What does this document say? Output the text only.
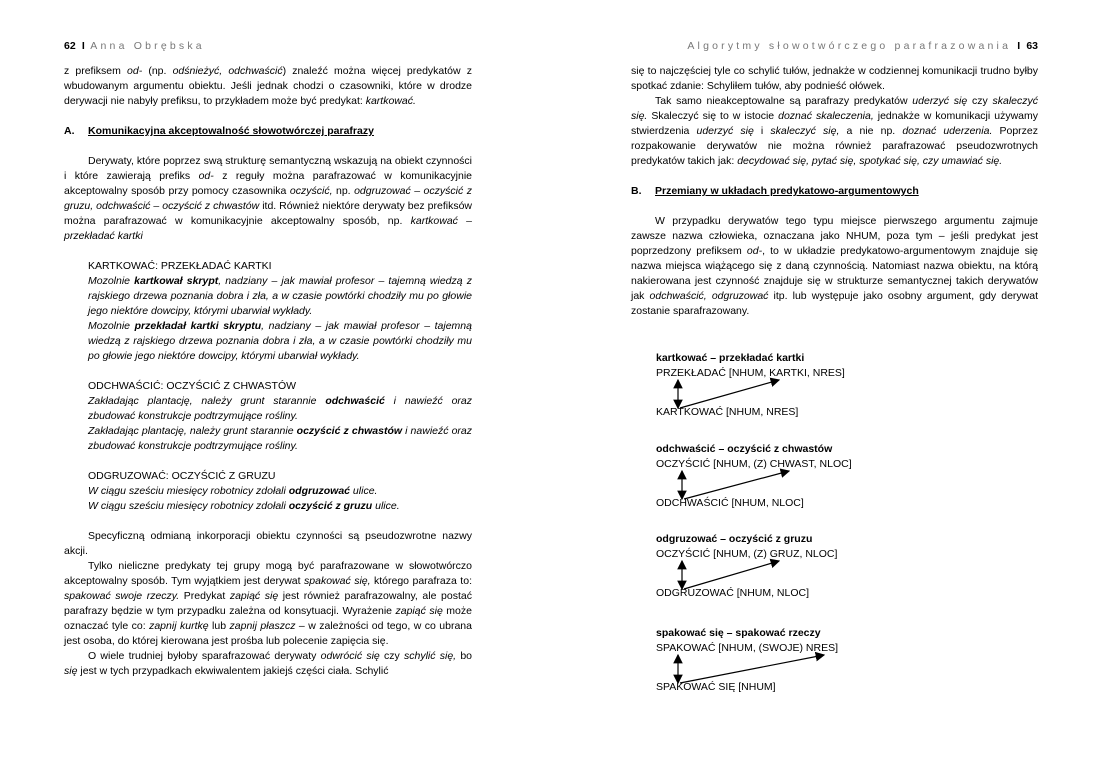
62 I Anna Obrębska

z prefiksem od- (np. odśnieżyć, odchwaścić) znaleźć można więcej predykatów z wbudowanym argumentu obiektu. Jeśli jednak chodzi o czasowniki, które w drodze derywacji nie nabyły prefiksu, to przykładem może być predykat: kartkować.

A.	Komunikacyjna akceptowalność słowotwórczej parafrazy

Derywaty, które poprzez swą strukturę semantyczną wskazują na obiekt czynności i które zawierają prefiks od- z reguły można parafrazować w komunikacyjnie akceptowalny sposób przy pomocy czasownika oczyścić, np. odgruzować – oczyścić z gruzu, odchwaścić – oczyścić z chwastów itd. Również niektóre derywaty bez prefiksów można parafrazować w komunikacyjnie akceptowalny sposób, np. kartkować – przekładać kartki

KARTKOWAĆ: PRZEKŁADAĆ KARTKI

Mozolnie kartkował skrypt, nadziany – jak mawiał profesor – tajemną wiedzą z rajskiego drzewa poznania dobra i zła, a w czasie powtórki chodziły mu po głowie jego niektóre dowcipy, którymi ubarwiał wykłady.

Mozolnie przekładał kartki skryptu, nadziany – jak mawiał profesor – tajemną wiedzą z rajskiego drzewa poznania dobra i zła, a w czasie powtórki chodziły mu po głowie jego niektóre dowcipy, którymi ubarwiał wykłady.

ODCHWAŚCIĆ: OCZYŚCIĆ Z CHWASTÓW

Zakładając plantację, należy grunt starannie odchwaścić i nawieźć oraz zbudować konstrukcje podtrzymujące rośliny.

Zakładając plantację, należy grunt starannie oczyścić z chwastów i nawieźć oraz zbudować konstrukcje podtrzymujące rośliny.

ODGRUZOWAĆ: OCZYŚCIĆ Z GRUZU

W ciągu sześciu miesięcy robotnicy zdołali odgruzować ulice.

W ciągu sześciu miesięcy robotnicy zdołali oczyścić z gruzu ulice.

Specyficzną odmianą inkorporacji obiektu czynności są pseudozwrotne nazwy akcji.

Tylko nieliczne predykaty tej grupy mogą być parafrazowane w słowotwórczo akceptowalny sposób. Tym wyjątkiem jest derywat spakować się, którego parafraza to: spakować swoje rzeczy. Predykat zapiąć się jest również parafrazowalny, ale postać parafrazy będzie w tym przypadku zależna od konsytuacji. Wyrażenie zapiąć się może oznaczać tyle co: zapnij kurtkę lub zapnij płaszcz – w zależności od tego, w co ubrana jest osoba, do której kierowana jest prośba lub polecenie zapięcia się.

O wiele trudniej byłoby sparafrazować derywaty odwrócić się czy schylić się, bo się jest w tych przypadkach ekwiwalentem jakiejś części ciała. Schylić

Algorytmy słowotwórczego parafrazowania I 63

się to najczęściej tyle co schylić tułów, jednakże w codziennej komunikacji trudno byłby spotkać zdanie: Schyliłem tułów, aby podnieść ołówek.

Tak samo nieakceptowalne są parafrazy predykatów uderzyć się czy skaleczyć się. Skaleczyć się to w istocie doznać skaleczenia, jednakże w komunikacji używamy stwierdzenia uderzyć się i skaleczyć się, a nie np. doznać uderzenia. Poprzez rozpakowanie derywatów nie można również parafrazować pseudozwrotnych predykatów takich jak: decydować się, pytać się, spotykać się, czy umawiać się.

B.	Przemiany w układach predykatowo-argumentowych

W przypadku derywatów tego typu miejsce pierwszego argumentu zajmuje zawsze nazwa człowieka, oznaczana jako NHUM, poza tym – jeśli predykat jest poprzedzony prefiksem od-, to w układzie predykatowo-argumentowym znajduje się nazwa miejsca wiążącego się z daną czynnością. Natomiast nazwa obiektu, na którą nakierowana jest czynność znajduje się w strukturze semantycznej takich derywatów jak odchwaścić, odgruzować itp. lub występuje jako osobny argument, gdy derywat zostanie sparafrazowany.

kartkować – przekładać kartki
PRZEKŁADAĆ [NHUM, KARTKI, NRES]
KARTKOWAĆ [NHUM, NRES]
odchwaścić – oczyścić z chwastów
OCZYŚCIĆ [NHUM, (Z) CHWAST, NLOC]
ODCHWAŚCIĆ [NHUM, NLOC]
odgruzować – oczyścić z gruzu
OCZYŚCIĆ [NHUM, (Z) GRUZ, NLOC]
ODGRUZOWAĆ [NHUM, NLOC]
spakować się – spakować rzeczy
SPAKOWAĆ [NHUM, (SWOJE) NRES]
SPAKOWAĆ SIĘ [NHUM]
